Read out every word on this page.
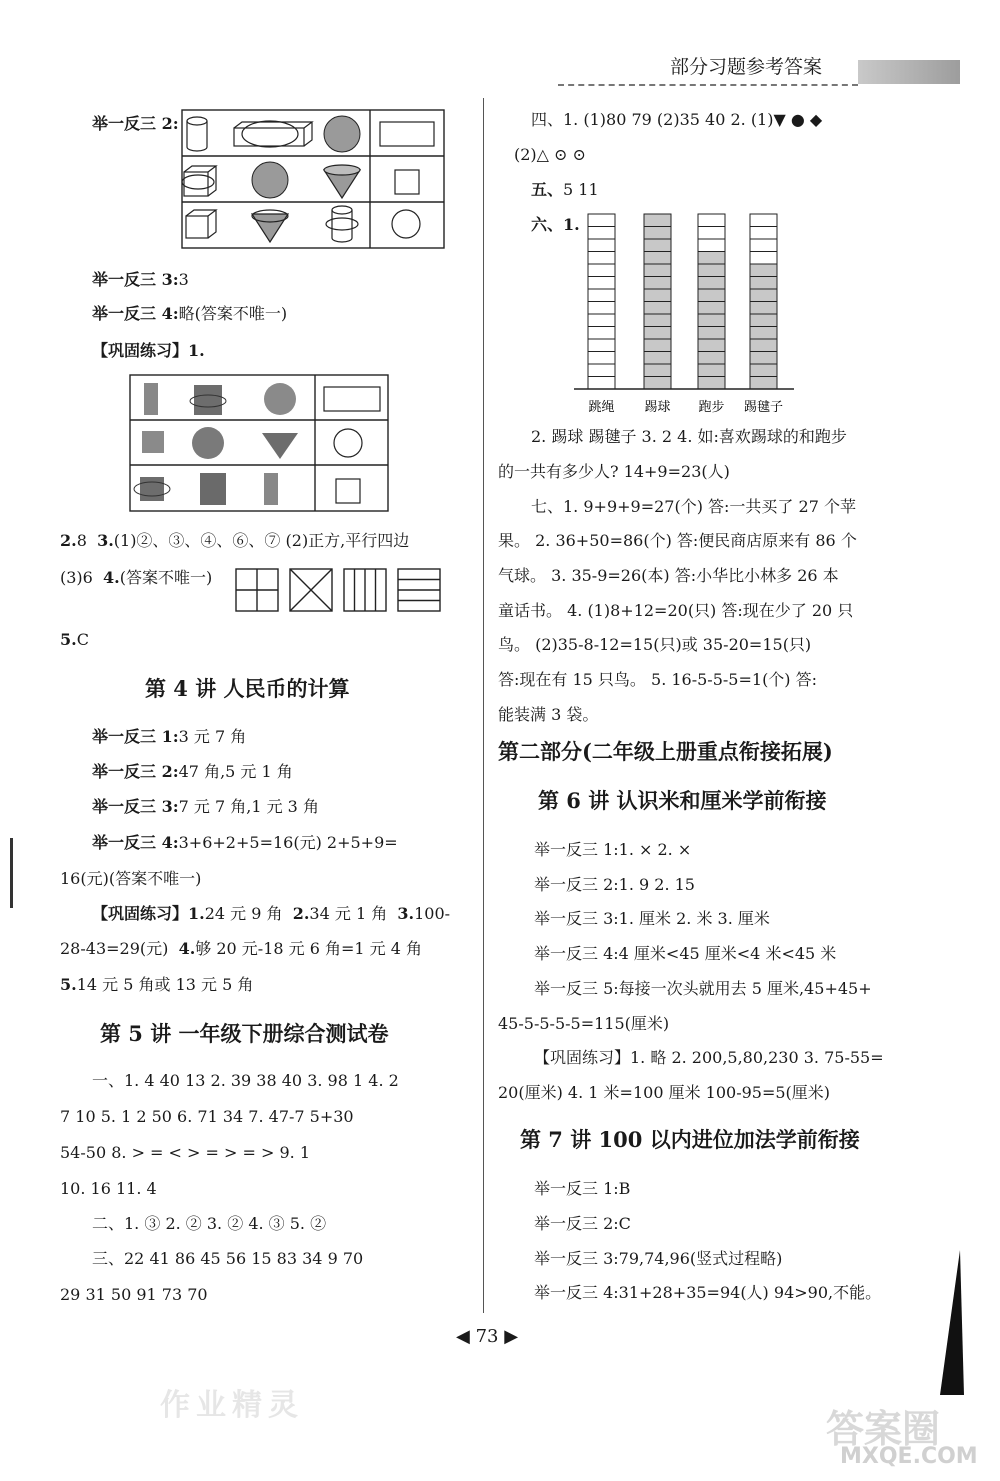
部分习题参考答案
举一反三 2:
举一反三 3:3
举一反三 4:略(答案不唯一)
【巩固练习】1.
2.8 3.(1)②、③、④、⑥、⑦ (2)正方,平行四边
(3)6 4.(答案不唯一)
5.C
第 4 讲 人民币的计算
举一反三 1:3 元 7 角
举一反三 2:47 角,5 元 1 角
举一反三 3:7 元 7 角,1 元 3 角
举一反三 4:3+6+2+5=16(元) 2+5+9=
16(元)(答案不唯一)
【巩固练习】1.24 元 9 角 2.34 元 1 角 3.100-
28-43=29(元) 4.够 20 元-18 元 6 角=1 元 4 角
5.14 元 5 角或 13 元 5 角
第 5 讲 一年级下册综合测试卷
一、1. 4 40 13 2. 39 38 40 3. 98 1 4. 2
7 10 5. 1 2 50 6. 71 34 7. 47-7 5+30
54-50 8. > = < > = > = > 9. 1
10. 16 11. 4
二、1. ③ 2. ② 3. ② 4. ③ 5. ②
三、22 41 86 45 56 15 83 34 9 70
29 31 50 91 73 70
四、1. (1)80 79 (2)35 40 2. (1)▼ ● ◆
(2)△ ⊙ ⊙
五、5 11
六、1.
跳绳 踢球 跑步 踢毽子
2. 踢球 踢毽子 3. 2 4. 如:喜欢踢球的和跑步
的一共有多少人? 14+9=23(人)
七、1. 9+9+9=27(个) 答:一共买了 27 个苹
果。 2. 36+50=86(个) 答:便民商店原来有 86 个
气球。 3. 35-9=26(本) 答:小华比小林多 26 本
童话书。 4. (1)8+12=20(只) 答:现在少了 20 只
鸟。 (2)35-8-12=15(只)或 35-20=15(只)
答:现在有 15 只鸟。 5. 16-5-5-5=1(个) 答:
能装满 3 袋。
第二部分(二年级上册重点衔接拓展)
第 6 讲 认识米和厘米学前衔接
举一反三 1:1. × 2. ×
举一反三 2:1. 9 2. 15
举一反三 3:1. 厘米 2. 米 3. 厘米
举一反三 4:4 厘米<45 厘米<4 米<45 米
举一反三 5:每接一次头就用去 5 厘米,45+45+
45-5-5-5-5=115(厘米)
【巩固练习】1. 略 2. 200,5,80,230 3. 75-55=
20(厘米) 4. 1 米=100 厘米 100-95=5(厘米)
第 7 讲 100 以内进位加法学前衔接
举一反三 1:B
举一反三 2:C
举一反三 3:79,74,96(竖式过程略)
举一反三 4:31+28+35=94(人) 94>90,不能。
◀ 73 ▶
作业精灵
答案圈
MXQE.COM
